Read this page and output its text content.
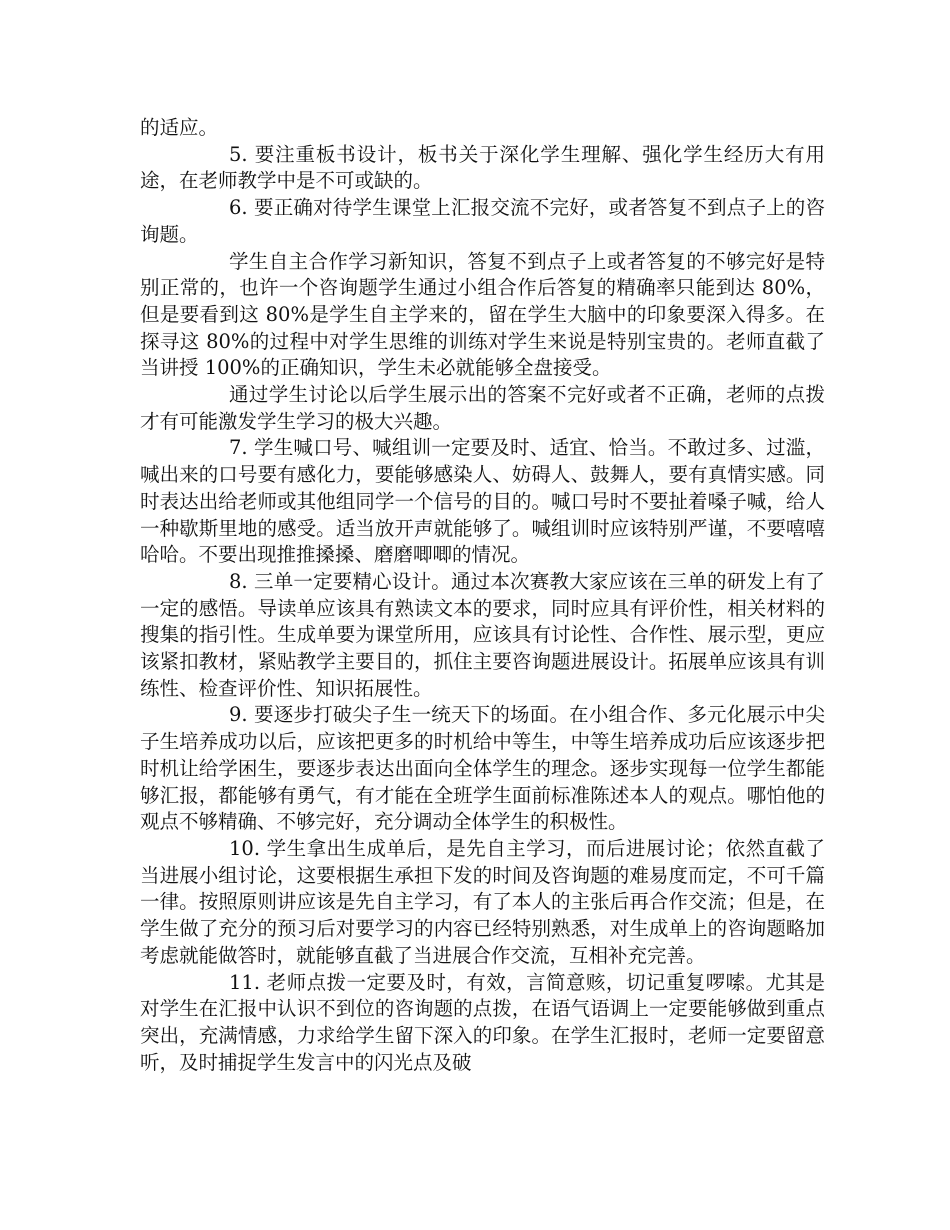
的适应。

5. 要注重板书设计，板书关于深化学生理解、强化学生经历大有用途，在老师教学中是不可或缺的。

6. 要正确对待学生课堂上汇报交流不完好，或者答复不到点子上的咨询题。

学生自主合作学习新知识，答复不到点子上或者答复的不够完好是特别正常的，也许一个咨询题学生通过小组合作后答复的精确率只能到达 80%，但是要看到这 80%是学生自主学来的，留在学生大脑中的印象要深入得多。在探寻这 80%的过程中对学生思维的训练对学生来说是特别宝贵的。老师直截了当讲授 100%的正确知识，学生未必就能够全盘接受。

通过学生讨论以后学生展示出的答案不完好或者不正确，老师的点拨才有可能激发学生学习的极大兴趣。

7. 学生喊口号、喊组训一定要及时、适宜、恰当。不敢过多、过滥，喊出来的口号要有感化力，要能够感染人、妨碍人、鼓舞人，要有真情实感。同时表达出给老师或其他组同学一个信号的目的。喊口号时不要扯着嗓子喊，给人一种歇斯里地的感受。适当放开声就能够了。喊组训时应该特别严谨，不要嘻嘻哈哈。不要出现推推搡搡、磨磨唧唧的情况。

8. 三单一定要精心设计。通过本次赛教大家应该在三单的研发上有了一定的感悟。导读单应该具有熟读文本的要求，同时应具有评价性，相关材料的搜集的指引性。生成单要为课堂所用，应该具有讨论性、合作性、展示型，更应该紧扣教材，紧贴教学主要目的，抓住主要咨询题进展设计。拓展单应该具有训练性、检查评价性、知识拓展性。

9. 要逐步打破尖子生一统天下的场面。在小组合作、多元化展示中尖子生培养成功以后，应该把更多的时机给中等生，中等生培养成功后应该逐步把时机让给学困生，要逐步表达出面向全体学生的理念。逐步实现每一位学生都能够汇报，都能够有勇气，有才能在全班学生面前标准陈述本人的观点。哪怕他的观点不够精确、不够完好，充分调动全体学生的积极性。

10. 学生拿出生成单后，是先自主学习，而后进展讨论；依然直截了当进展小组讨论，这要根据生承担下发的时间及咨询题的难易度而定，不可千篇一律。按照原则讲应该是先自主学习，有了本人的主张后再合作交流；但是，在学生做了充分的预习后对要学习的内容已经特别熟悉，对生成单上的咨询题略加考虑就能做答时，就能够直截了当进展合作交流，互相补充完善。

11. 老师点拨一定要及时，有效，言简意赅，切记重复啰嗦。尤其是对学生在汇报中认识不到位的咨询题的点拨，在语气语调上一定要能够做到重点突出，充满情感，力求给学生留下深入的印象。在学生汇报时，老师一定要留意听，及时捕捉学生发言中的闪光点及破
